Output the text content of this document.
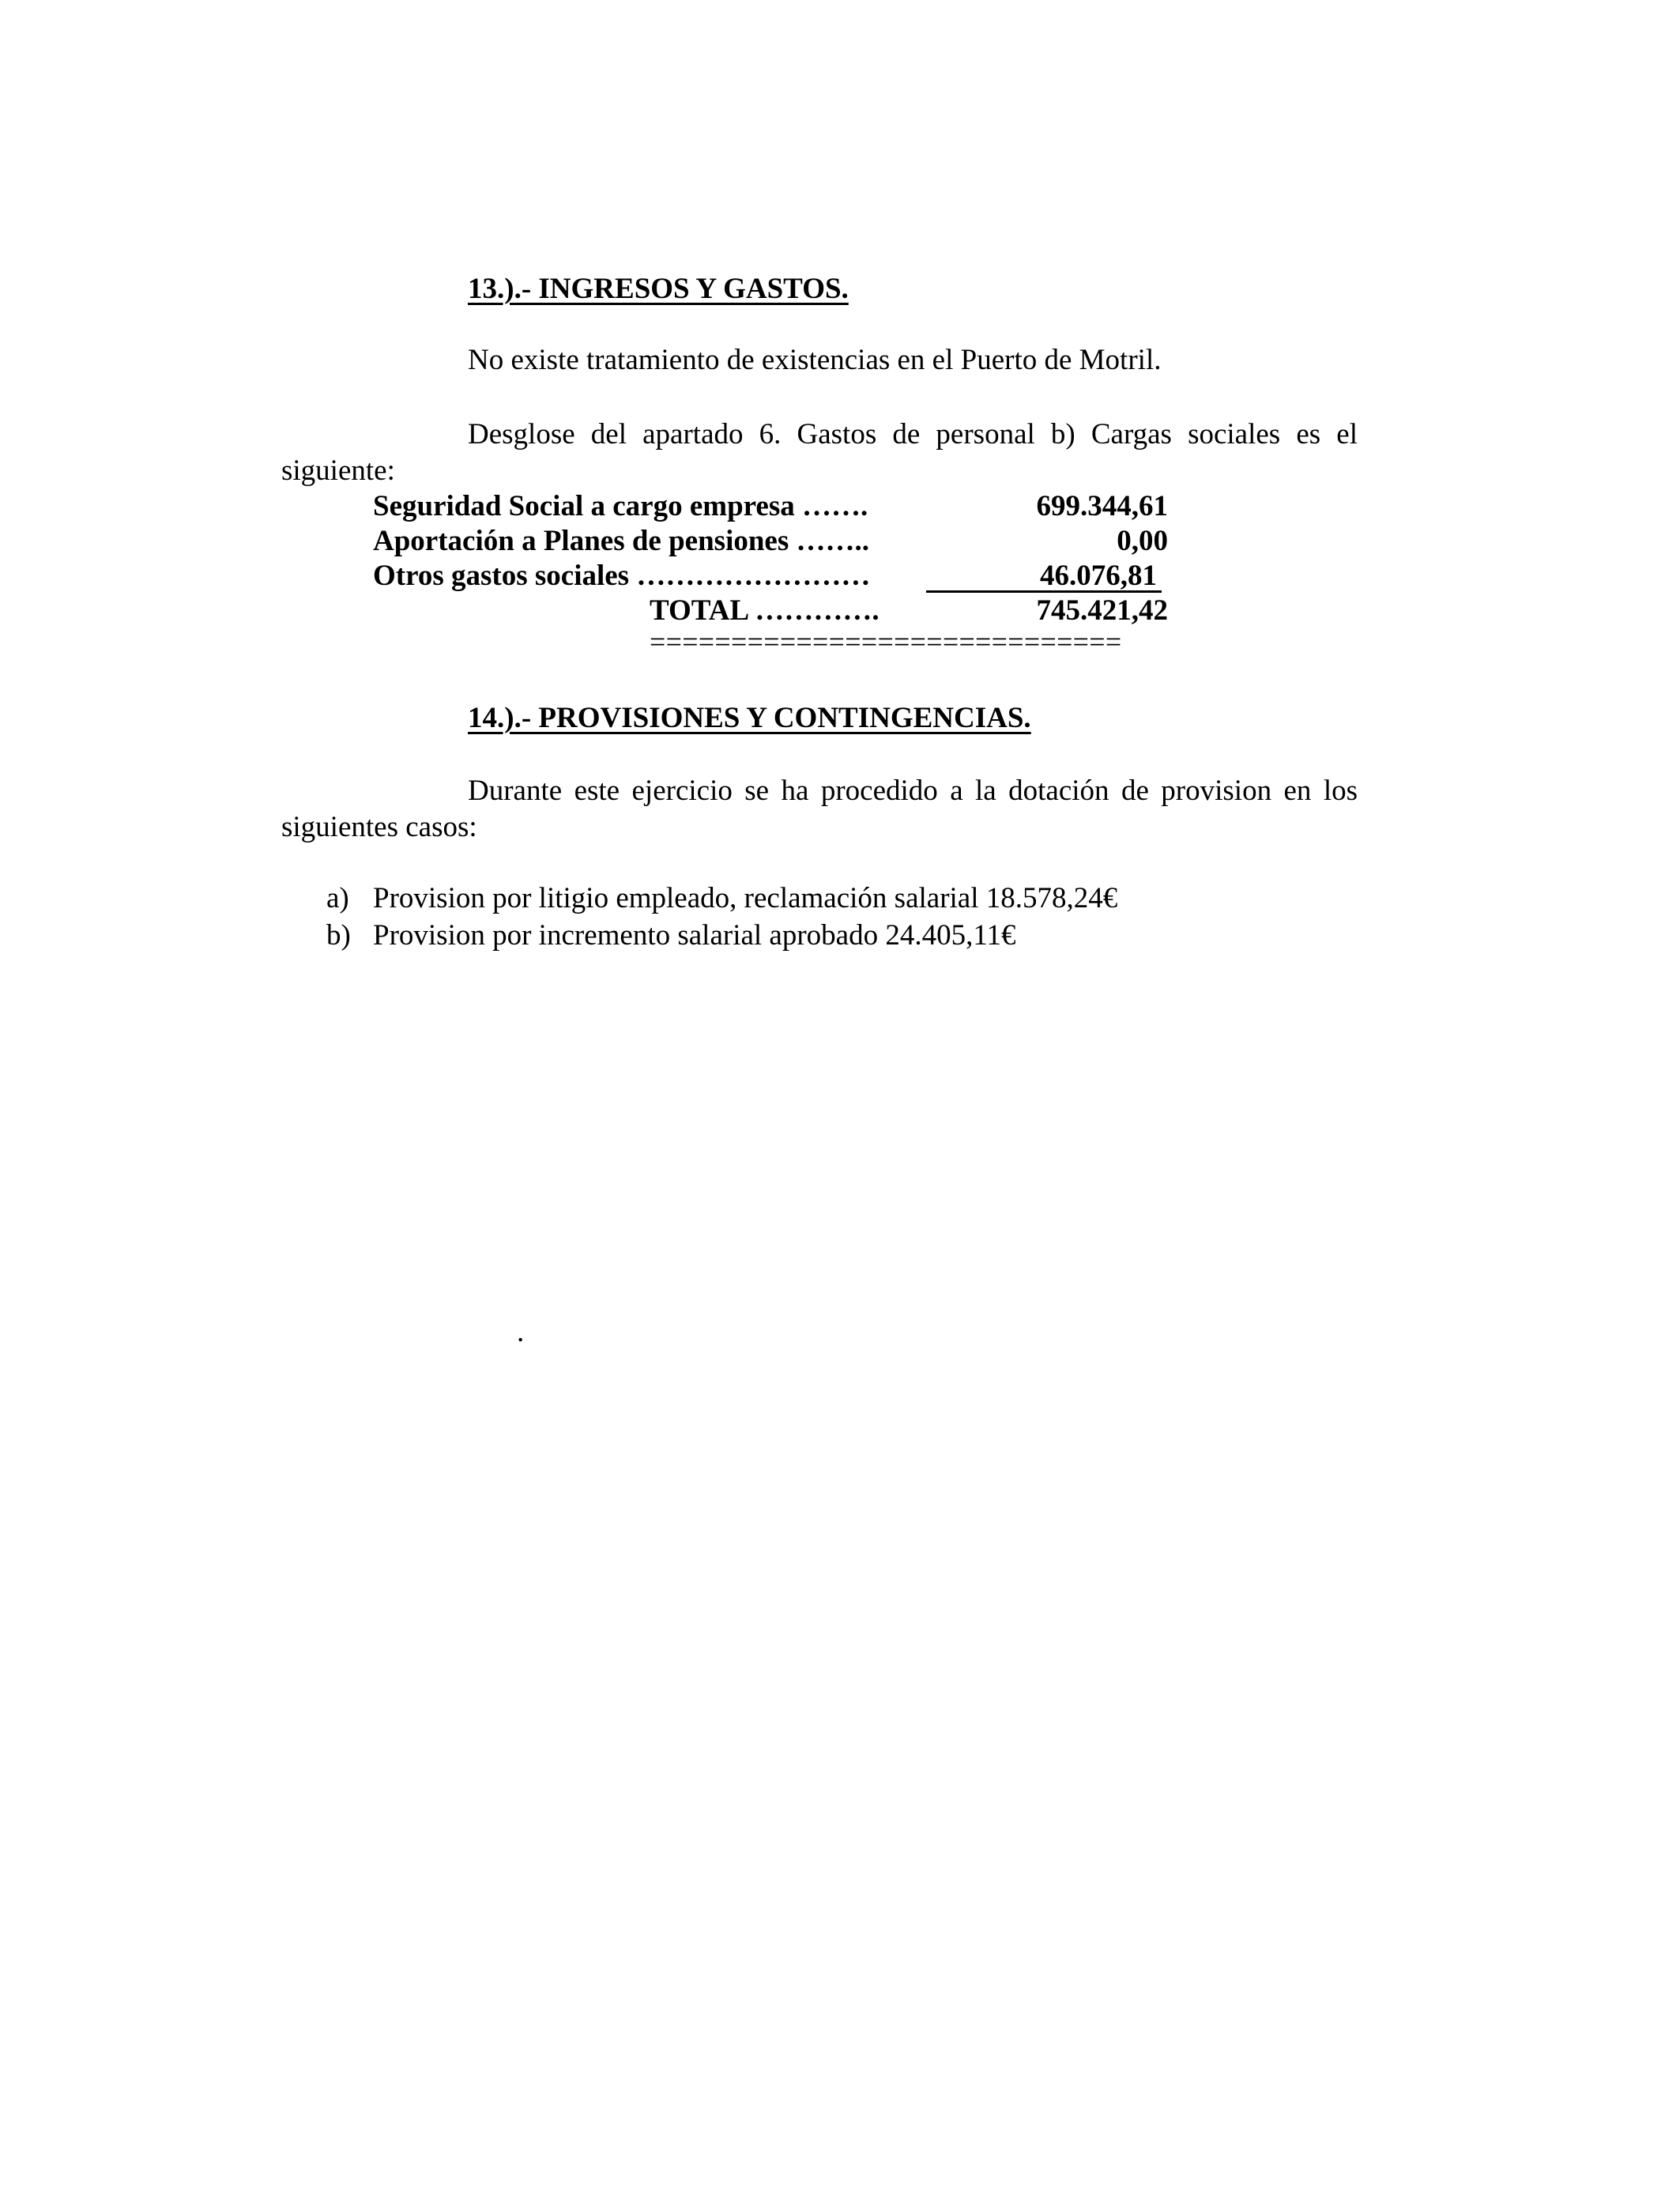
13.).- INGRESOS Y GASTOS.
No existe tratamiento de existencias en el Puerto de Motril.
Desglose del apartado 6. Gastos de personal b) Cargas sociales es el siguiente:
Seguridad Social a cargo empresa …….	699.344,61
Aportación a Planes de pensiones ……..	0,00
Otros gastos sociales ……………………	46.076,81
TOTAL ………….	745.421,42
=============================
14.).- PROVISIONES Y CONTINGENCIAS.
Durante este ejercicio se ha procedido a la dotación de provision en los siguientes casos:
a) Provision por litigio empleado, reclamación salarial 18.578,24€
b) Provision por incremento salarial aprobado 24.405,11€
.
